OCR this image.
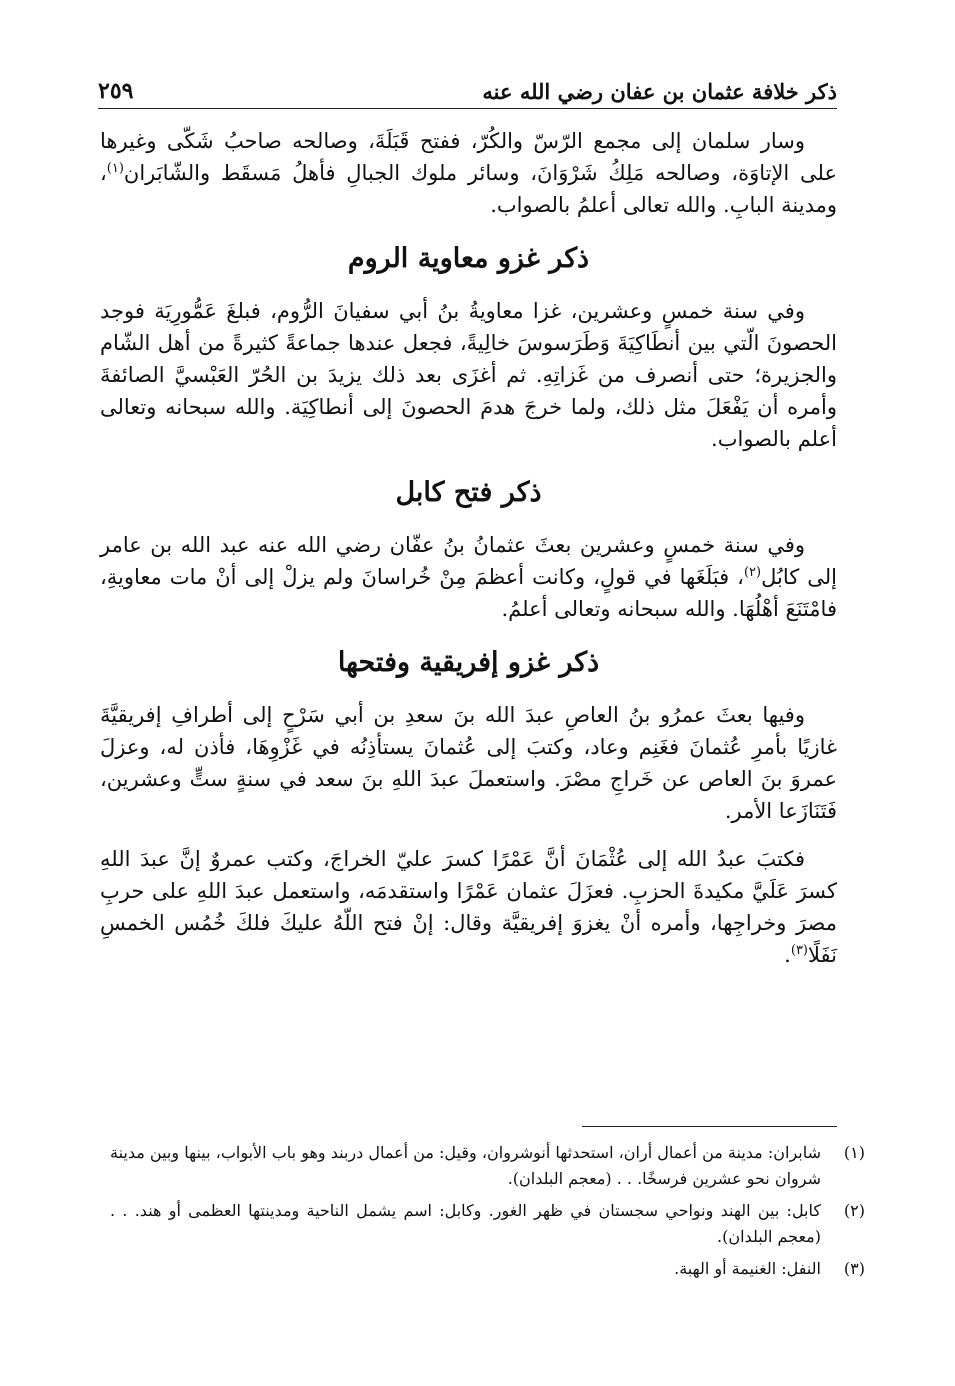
٢٥٩	ذكر خلافة عثمان بن عفان رضي الله عنه

وسار سلمان إلى مجمع الرّسّ والكُرّ، ففتح قَبَلَةَ، وصالحه صاحبُ شَكّى وغيرها على الإتاوَة، وصالحه مَلِكُ شَرْوَانَ، وسائر ملوك الجبالِ فأهلُ مَسقَط والشّابَران$^{(١)}$، ومدينة البابِ. والله تعالى أعلمُ بالصواب.

ذكر غزو معاوية الروم

وفي سنة خمسٍ وعشرين، غزا معاويةُ بنُ أبي سفيانَ الرُّوم، فبلغَ عَمُّورِيَة فوجد الحصونَ الّتي بين أنطَاكِيَةَ وَطَرَسوسَ خالِيةً، فجعل عندها جماعةً كثيرةً من أهل الشّام والجزيرة؛ حتى أنصرف من غَزاتِهِ. ثم أغزَى بعد ذلك يزيدَ بن الحُرّ العَبْسيَّ الصائفةَ وأمره أن يَفْعَلَ مثل ذلك، ولما خرجَ هدمَ الحصونَ إلى أنطاكِيَة. والله سبحانه وتعالى أعلم بالصواب.

ذكر فتح كابل

وفي سنة خمسٍ وعشرين بعثَ عثمانُ بنُ عفّان رضي الله عنه عبد الله بن عامر إلى كابُل$^{(٢)}$، فبَلَغَها في قولٍ، وكانت أعظمَ مِنْ خُراسانَ ولم يزلْ إلى أنْ مات معاويةِ، فامْتَنَعَ أهْلُهَا. والله سبحانه وتعالى أعلمُ.

ذكر غزو إفريقية وفتحها

وفيها بعثَ عمرُو بنُ العاصِ عبدَ الله بنَ سعدِ بن أبي سَرْحٍ إلى أطرافِ إفريقيَّةَ غازيًا بأمرِ عُثمانَ فغَنِم وعاد، وكتبَ إلى عُثمانَ يستأذِنُه في غَزْوِهَا، فأذن له، وعزلَ عمروَ بنَ العاص عن خَراجِ مصْرَ. واستعملَ عبدَ اللهِ بنَ سعد في سنةٍ ستٍّ وعشرين، فَتَنَازَعا الأمر.

فكتبَ عبدُ الله إلى عُثْمَانَ أنَّ عَمْرًا كسرَ عليّ الخراجَ، وكتب عمروٌ إنَّ عبدَ اللهِ كسرَ عَلَيَّ مكيدةَ الحزبِ. فعزَلَ عثمان عَمْرًا واستقدمَه، واستعمل عبدَ اللهِ على حربِ مصرَ وخراجِها، وأمره أنْ يغزوَ إفريقيَّة وقال: إنْ فتح اللّهُ عليكَ فلكَ خُمُس الخمسِ نَفَلًا$^{(٣)}$.

(١)
شابران: مدينة من أعمال أران، استحدثها أنوشروان، وقيل: من أعمال دربند وهو باب الأبواب، بينها وبين مدينة شروان نحو عشرين فرسخًا. . . (معجم البلدان).
(٢)
كابل: بين الهند ونواحي سجستان في ظهر الغور. وكابل: اسم يشمل الناحية ومدينتها العظمى أو هند. . . (معجم البلدان).
(٣)
النفل: الغنيمة أو الهبة.
